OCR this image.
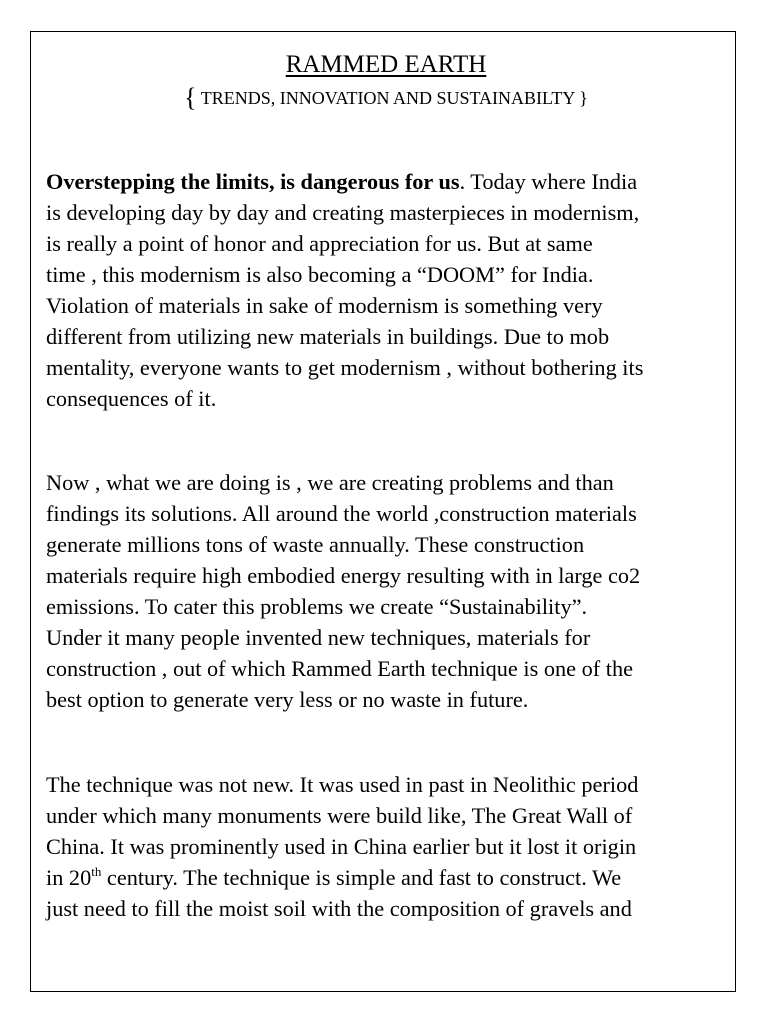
RAMMED EARTH

{ TRENDS, INNOVATION AND SUSTAINABILTY }

Overstepping the limits, is dangerous for us. Today where India
is developing day by day and creating masterpieces in modernism,
is really a point of honor and appreciation for us. But at same
time , this modernism is also becoming a “DOOM” for India.
Violation of materials in sake of modernism is something very
different from utilizing new materials in buildings. Due to mob
mentality, everyone wants to get modernism , without bothering its
consequences of it.
Now , what we are doing is , we are creating problems and than
findings its solutions. All around the world ,construction materials
generate millions tons of waste annually. These construction
materials require high embodied energy resulting with in large co2
emissions. To cater this problems we create “Sustainability”.
Under it many people invented new techniques, materials for
construction , out of which Rammed Earth technique is one of the
best option to generate very less or no waste in future.
The technique was not new. It was used in past in Neolithic period
under which many monuments were build like, The Great Wall of
China. It was prominently used in China earlier but it lost it origin
in 20th century. The technique is simple and fast to construct. We
just need to fill the moist soil with the composition of gravels and
